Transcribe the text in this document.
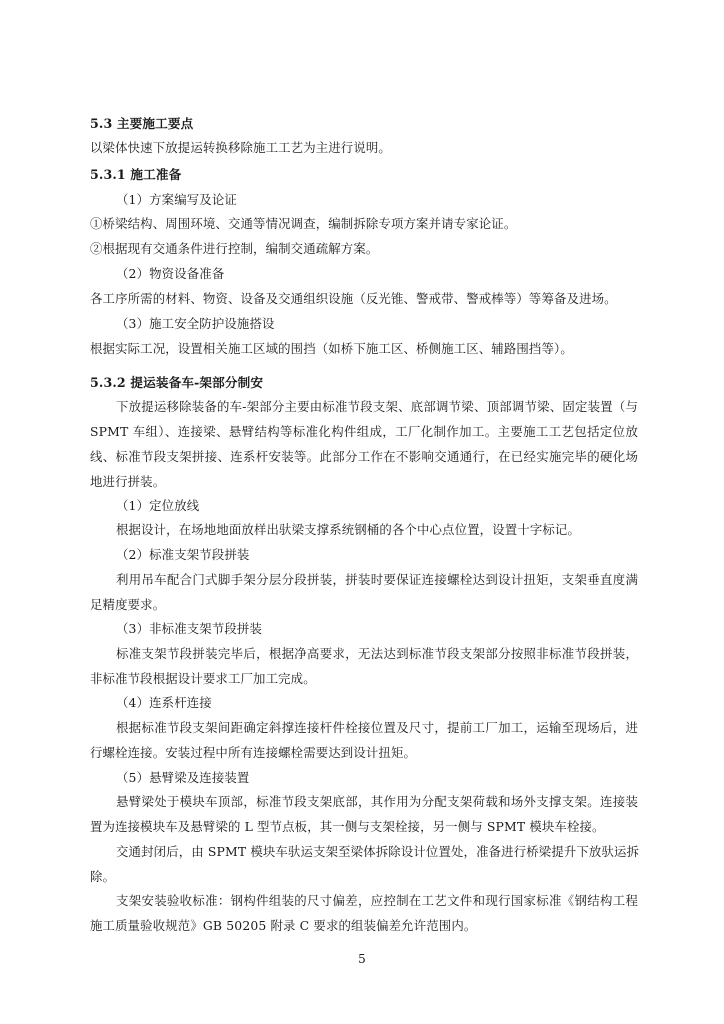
5.3 主要施工要点
以梁体快速下放提运转换移除施工工艺为主进行说明。
5.3.1 施工准备
（1）方案编写及论证
①桥梁结构、周围环境、交通等情况调查，编制拆除专项方案并请专家论证。
②根据现有交通条件进行控制，编制交通疏解方案。
（2）物资设备准备
各工序所需的材料、物资、设备及交通组织设施（反光锥、警戒带、警戒棒等）等筹备及进场。
（3）施工安全防护设施搭设
根据实际工况，设置相关施工区域的围挡（如桥下施工区、桥侧施工区、辅路围挡等）。
5.3.2 提运装备车-架部分制安
下放提运移除装备的车-架部分主要由标准节段支架、底部调节梁、顶部调节梁、固定装置（与
SPMT 车组）、连接梁、悬臂结构等标准化构件组成，工厂化制作加工。主要施工工艺包括定位放
线、标准节段支架拼接、连系杆安装等。此部分工作在不影响交通通行，在已经实施完毕的硬化场
地进行拼装。
（1）定位放线
根据设计，在场地地面放样出驮梁支撑系统钢桶的各个中心点位置，设置十字标记。
（2）标准支架节段拼装
利用吊车配合门式脚手架分层分段拼装，拼装时要保证连接螺栓达到设计扭矩，支架垂直度满
足精度要求。
（3）非标准支架节段拼装
标准支架节段拼装完毕后，根据净高要求，无法达到标准节段支架部分按照非标准节段拼装，
非标准节段根据设计要求工厂加工完成。
（4）连系杆连接
根据标准节段支架间距确定斜撑连接杆件栓接位置及尺寸，提前工厂加工，运输至现场后，进
行螺栓连接。安装过程中所有连接螺栓需要达到设计扭矩。
（5）悬臂梁及连接装置
悬臂梁处于模块车顶部，标准节段支架底部，其作用为分配支架荷载和场外支撑支架。连接装
置为连接模块车及悬臂梁的 L 型节点板，其一侧与支架栓接，另一侧与 SPMT 模块车栓接。
交通封闭后，由 SPMT 模块车驮运支架至梁体拆除设计位置处，准备进行桥梁提升下放驮运拆
除。
支架安装验收标准：钢构件组装的尺寸偏差，应控制在工艺文件和现行国家标准《钢结构工程
施工质量验收规范》GB 50205 附录 C 要求的组装偏差允许范围内。
5
